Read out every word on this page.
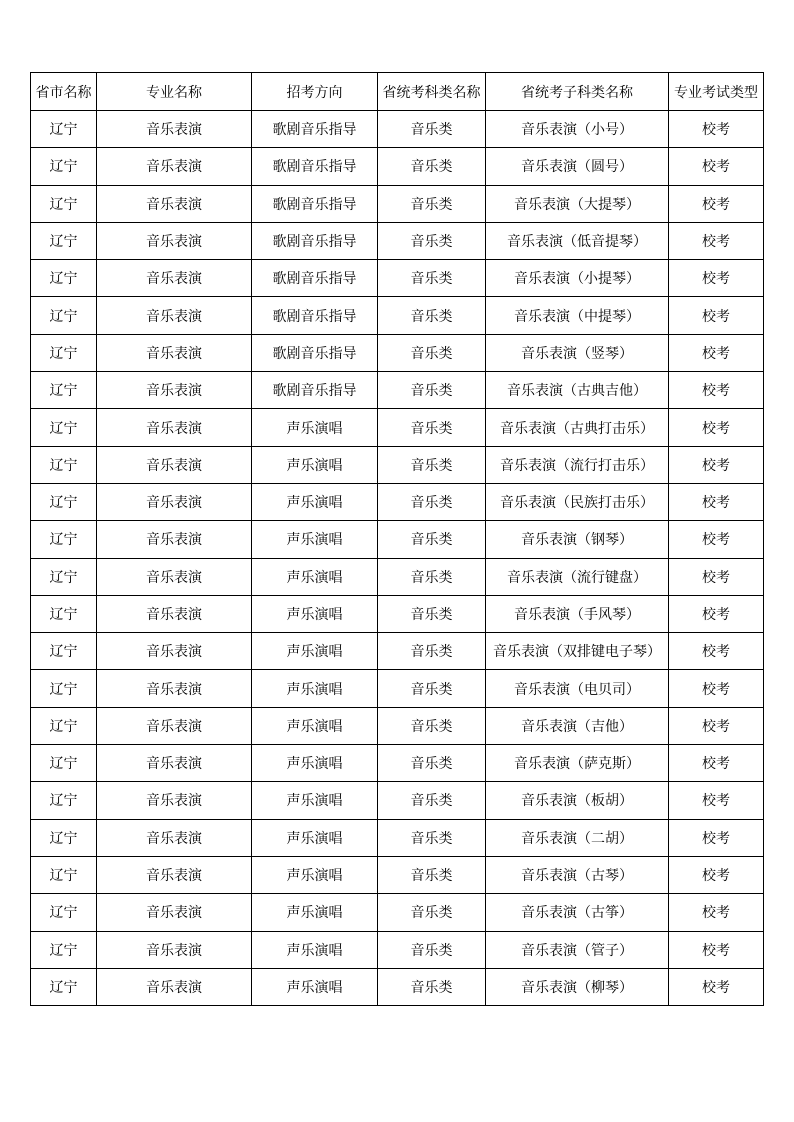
省市名称	专业名称	招考方向	省统考科类名称	省统考子科类名称	专业考试类型
辽宁	音乐表演	歌剧音乐指导	音乐类	音乐表演（小号）	校考
辽宁	音乐表演	歌剧音乐指导	音乐类	音乐表演（圆号）	校考
辽宁	音乐表演	歌剧音乐指导	音乐类	音乐表演（大提琴）	校考
辽宁	音乐表演	歌剧音乐指导	音乐类	音乐表演（低音提琴）	校考
辽宁	音乐表演	歌剧音乐指导	音乐类	音乐表演（小提琴）	校考
辽宁	音乐表演	歌剧音乐指导	音乐类	音乐表演（中提琴）	校考
辽宁	音乐表演	歌剧音乐指导	音乐类	音乐表演（竖琴）	校考
辽宁	音乐表演	歌剧音乐指导	音乐类	音乐表演（古典吉他）	校考
辽宁	音乐表演	声乐演唱	音乐类	音乐表演（古典打击乐）	校考
辽宁	音乐表演	声乐演唱	音乐类	音乐表演（流行打击乐）	校考
辽宁	音乐表演	声乐演唱	音乐类	音乐表演（民族打击乐）	校考
辽宁	音乐表演	声乐演唱	音乐类	音乐表演（钢琴）	校考
辽宁	音乐表演	声乐演唱	音乐类	音乐表演（流行键盘）	校考
辽宁	音乐表演	声乐演唱	音乐类	音乐表演（手风琴）	校考
辽宁	音乐表演	声乐演唱	音乐类	音乐表演（双排键电子琴）	校考
辽宁	音乐表演	声乐演唱	音乐类	音乐表演（电贝司）	校考
辽宁	音乐表演	声乐演唱	音乐类	音乐表演（吉他）	校考
辽宁	音乐表演	声乐演唱	音乐类	音乐表演（萨克斯）	校考
辽宁	音乐表演	声乐演唱	音乐类	音乐表演（板胡）	校考
辽宁	音乐表演	声乐演唱	音乐类	音乐表演（二胡）	校考
辽宁	音乐表演	声乐演唱	音乐类	音乐表演（古琴）	校考
辽宁	音乐表演	声乐演唱	音乐类	音乐表演（古筝）	校考
辽宁	音乐表演	声乐演唱	音乐类	音乐表演（管子）	校考
辽宁	音乐表演	声乐演唱	音乐类	音乐表演（柳琴）	校考
